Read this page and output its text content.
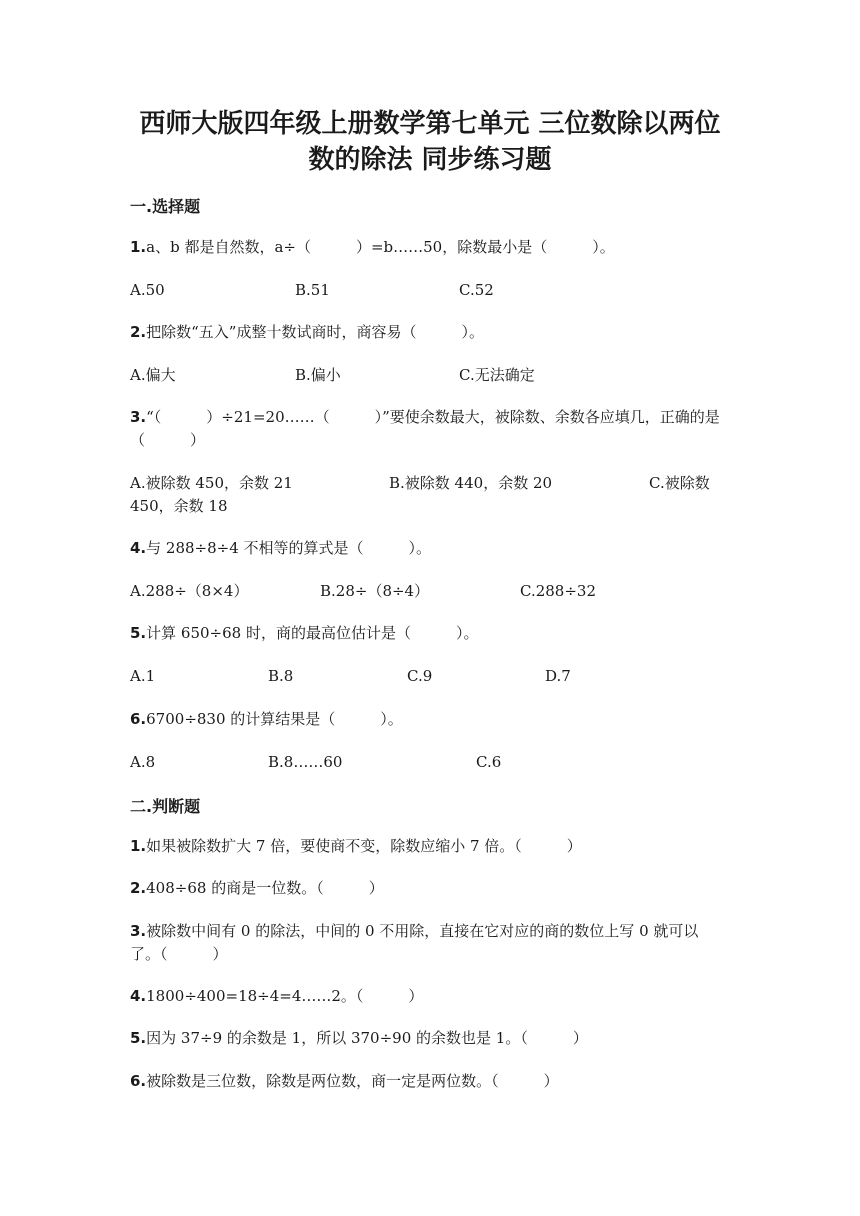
西师大版四年级上册数学第七单元 三位数除以两位
数的除法 同步练习题
一.选择题
1.a、b 都是自然数，a÷（　　　）=b……50，除数最小是（　　　）。
A.50	B.51	C.52
2.把除数“五入”成整十数试商时，商容易（　　　）。
A.偏大	B.偏小	C.无法确定
3.“（　　　）÷21=20……（　　　）”要使余数最大，被除数、余数各应填几，正确的是（　　　）
A.被除数 450，余数 21	B.被除数 440，余数 20	C.被除数
450，余数 18
4.与 288÷8÷4 不相等的算式是（　　　）。
A.288÷（8×4）	B.28÷（8÷4）	C.288÷32
5.计算 650÷68 时，商的最高位估计是（　　　）。
A.1	B.8	C.9	D.7
6.6700÷830 的计算结果是（　　　）。
A.8	B.8……60	C.6
二.判断题
1.如果被除数扩大 7 倍，要使商不变，除数应缩小 7 倍。（　　　）
2.408÷68 的商是一位数。（　　　）
3.被除数中间有 0 的除法，中间的 0 不用除，直接在它对应的商的数位上写 0 就可以了。（　　　）
4.1800÷400=18÷4=4……2。（　　　）
5.因为 37÷9 的余数是 1，所以 370÷90 的余数也是 1。（　　　）
6.被除数是三位数，除数是两位数，商一定是两位数。（　　　）
